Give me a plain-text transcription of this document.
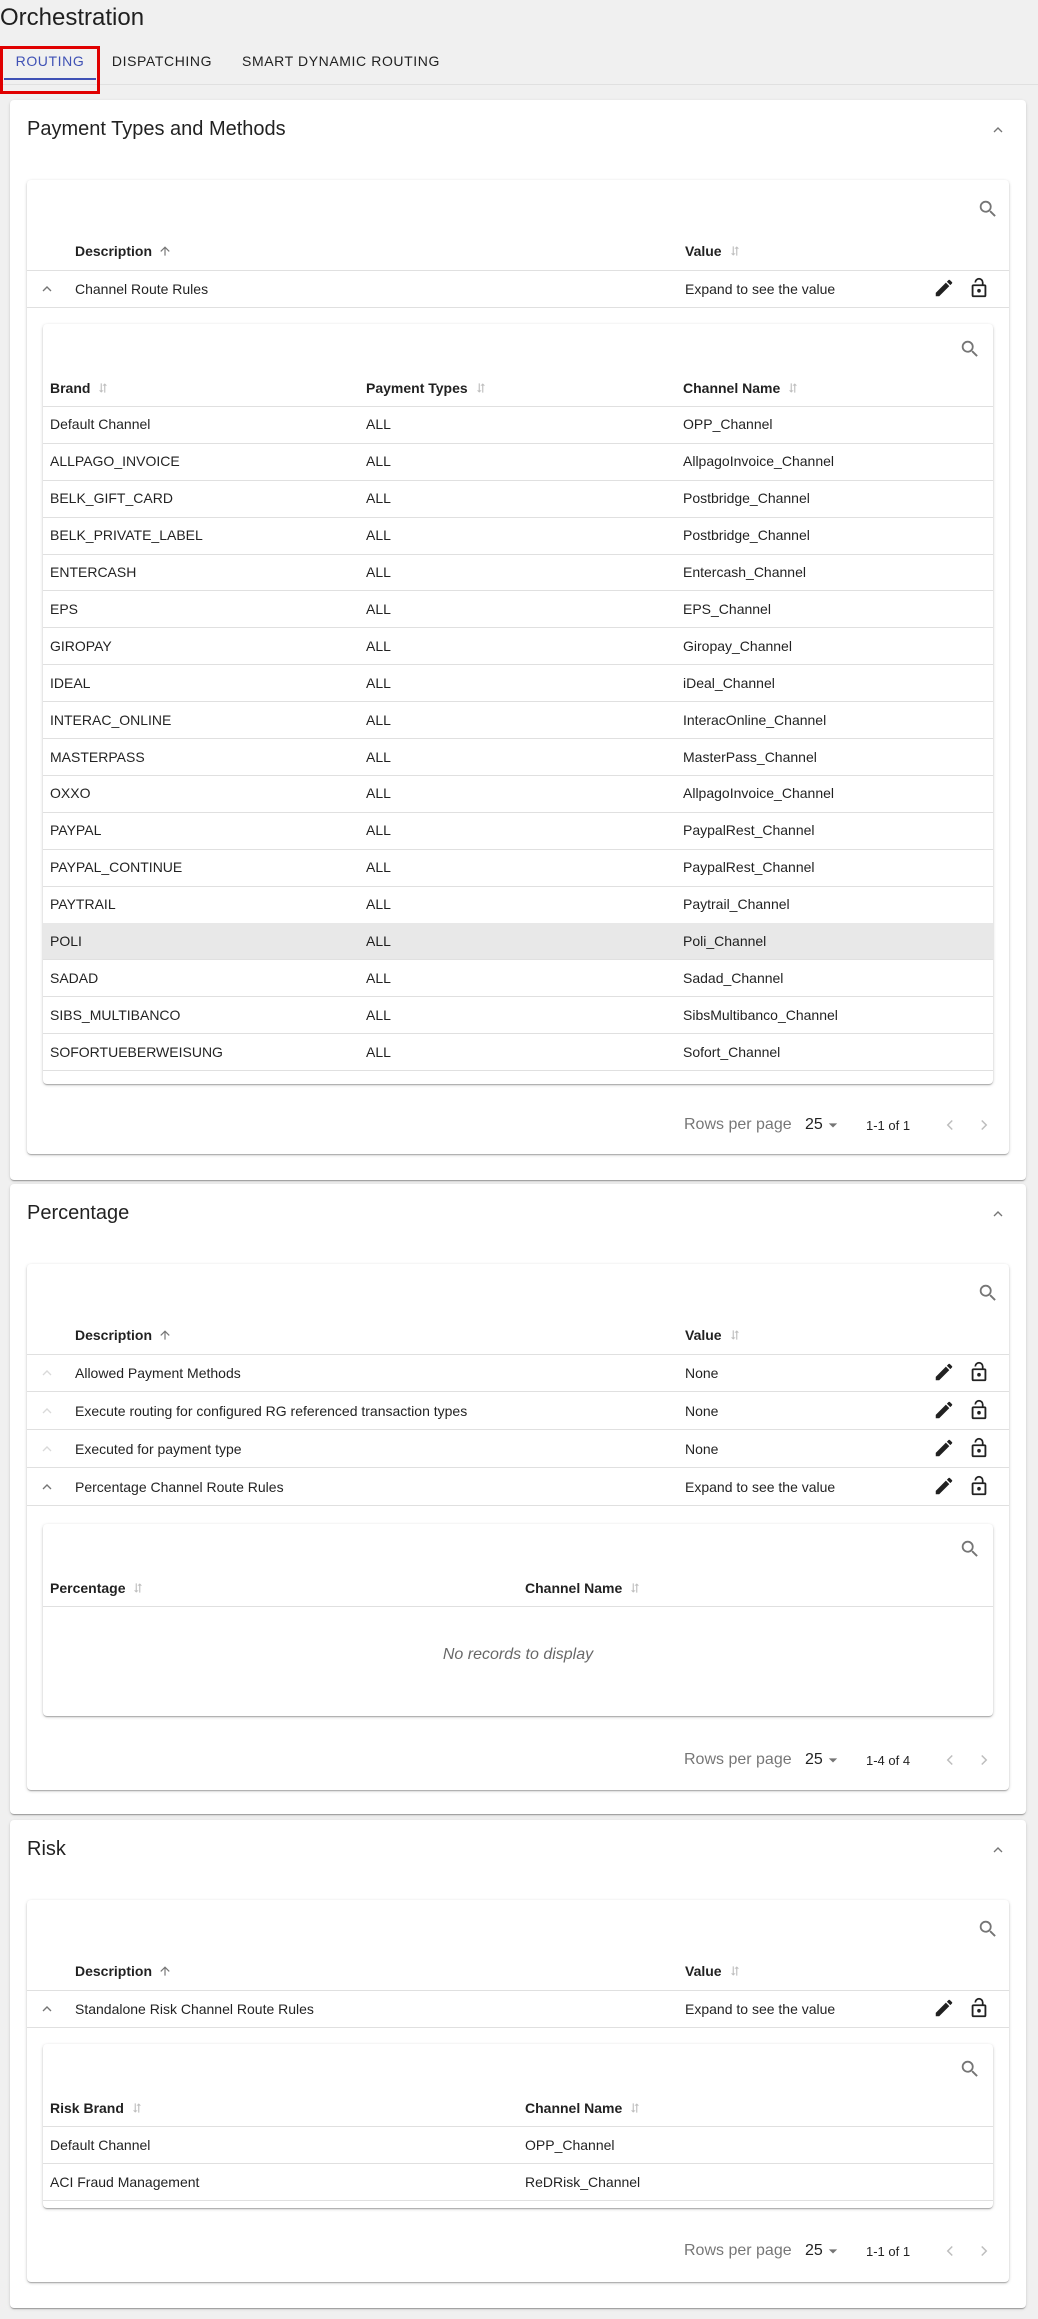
Orchestration
ROUTING	DISPATCHING	SMART DYNAMIC ROUTING
Payment Types and Methods
Description	Value
Channel Route Rules	Expand to see the value
Brand	Payment Types	Channel Name
Default Channel	ALL	OPP_Channel
ALLPAGO_INVOICE	ALL	AllpagoInvoice_Channel
BELK_GIFT_CARD	ALL	Postbridge_Channel
BELK_PRIVATE_LABEL	ALL	Postbridge_Channel
ENTERCASH	ALL	Entercash_Channel
EPS	ALL	EPS_Channel
GIROPAY	ALL	Giropay_Channel
IDEAL	ALL	iDeal_Channel
INTERAC_ONLINE	ALL	InteracOnline_Channel
MASTERPASS	ALL	MasterPass_Channel
OXXO	ALL	AllpagoInvoice_Channel
PAYPAL	ALL	PaypalRest_Channel
PAYPAL_CONTINUE	ALL	PaypalRest_Channel
PAYTRAIL	ALL	Paytrail_Channel
POLI	ALL	Poli_Channel
SADAD	ALL	Sadad_Channel
SIBS_MULTIBANCO	ALL	SibsMultibanco_Channel
SOFORTUEBERWEISUNG	ALL	Sofort_Channel
Rows per page 25	1-1 of 1
Percentage
Description	Value
Allowed Payment Methods	None
Execute routing for configured RG referenced transaction types	None
Executed for payment type	None
Percentage Channel Route Rules	Expand to see the value
Percentage	Channel Name
No records to display
Rows per page 25	1-4 of 4
Risk
Description	Value
Standalone Risk Channel Route Rules	Expand to see the value
Risk Brand	Channel Name
Default Channel	OPP_Channel
ACI Fraud Management	ReDRisk_Channel
Rows per page 25	1-1 of 1
